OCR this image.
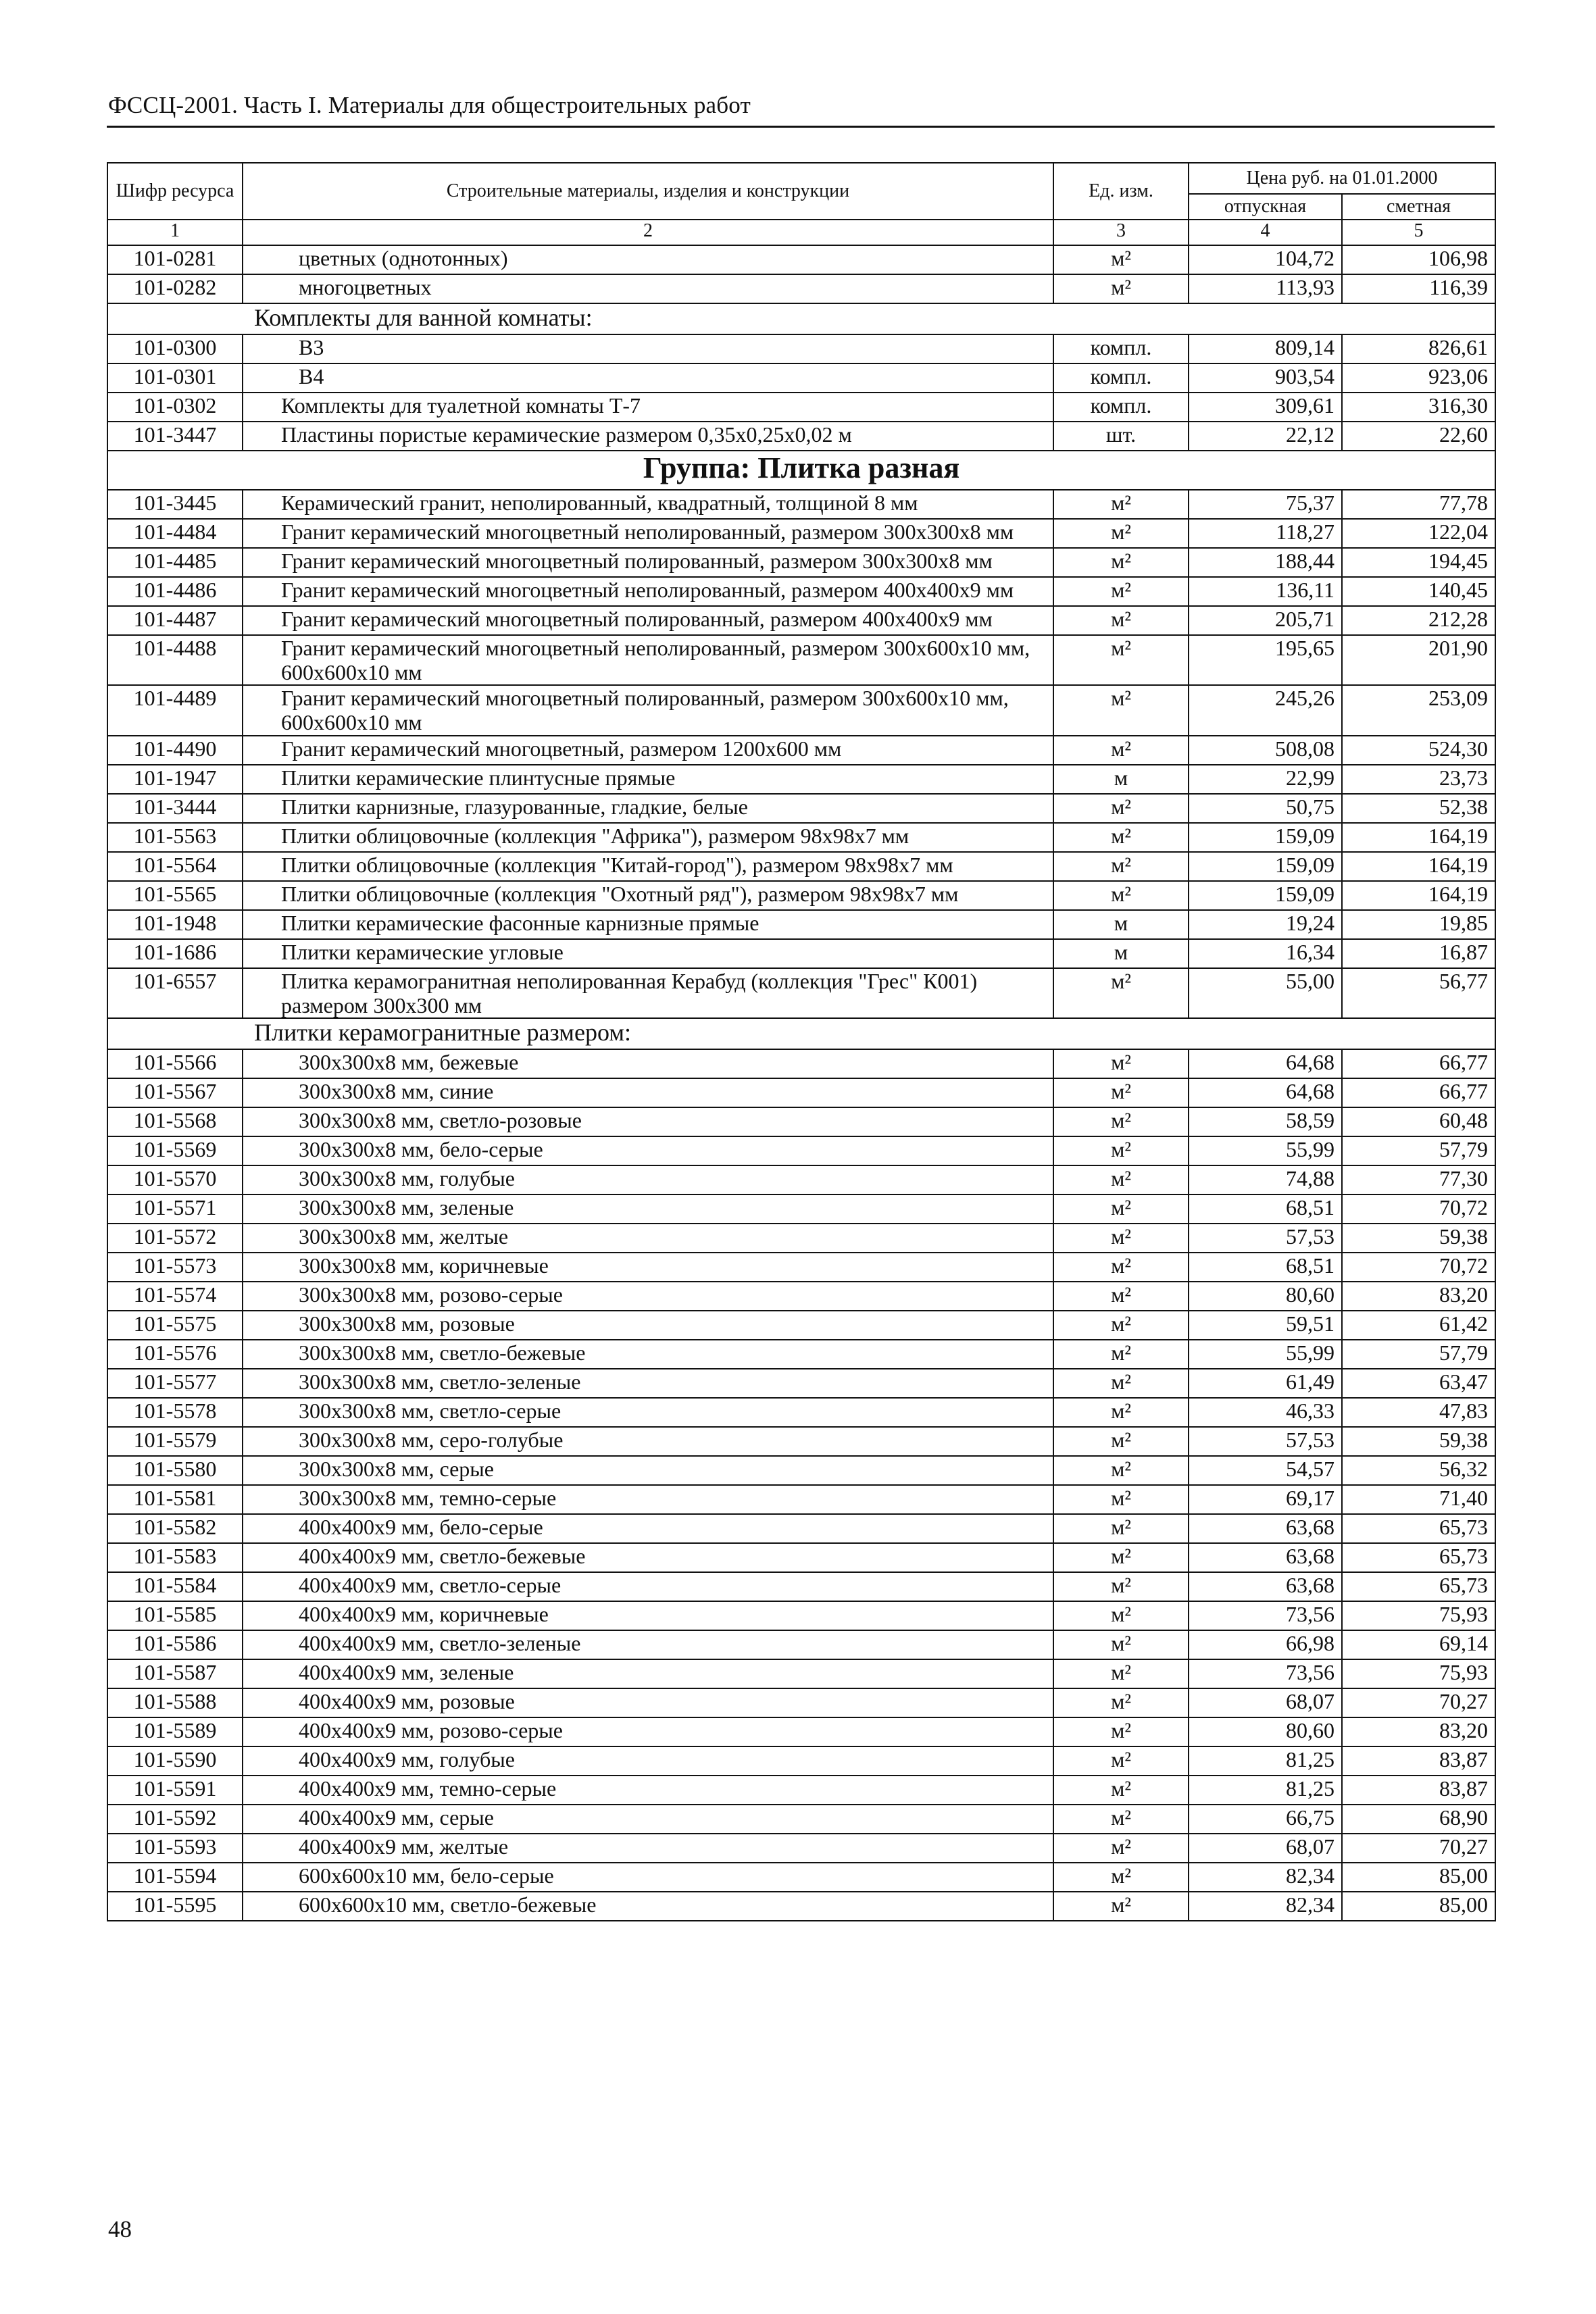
ФССЦ-2001. Часть I. Материалы для общестроительных работ
Шифр ресурса	Строительные материалы, изделия и конструкции	Ед. изм.	Цена руб. на 01.01.2000	
			отпускная	сметная
1	2	3	4	5
101-0281	цветных (однотонных)	м²	104,72	106,98
101-0282	многоцветных	м²	113,93	116,39
Комплекты для ванной комнаты:				
101-0300	В3	компл.	809,14	826,61
101-0301	В4	компл.	903,54	923,06
101-0302	Комплекты для туалетной комнаты Т-7	компл.	309,61	316,30
101-3447	Пластины пористые керамические размером 0,35х0,25х0,02 м	шт.	22,12	22,60
Группа: Плитка разная				
101-3445	Керамический гранит, неполированный, квадратный, толщиной 8 мм	м²	75,37	77,78
101-4484	Гранит керамический многоцветный неполированный, размером 300х300х8 мм	м²	118,27	122,04
101-4485	Гранит керамический многоцветный полированный, размером 300х300х8 мм	м²	188,44	194,45
101-4486	Гранит керамический многоцветный неполированный, размером 400х400х9 мм	м²	136,11	140,45
101-4487	Гранит керамический многоцветный полированный, размером 400х400х9 мм	м²	205,71	212,28
101-4488	Гранит керамический многоцветный неполированный, размером 300х600х10 мм, 600х600х10 мм	м²	195,65	201,90
101-4489	Гранит керамический многоцветный полированный, размером 300х600х10 мм, 600х600х10 мм	м²	245,26	253,09
101-4490	Гранит керамический многоцветный, размером 1200х600 мм	м²	508,08	524,30
101-1947	Плитки керамические плинтусные прямые	м	22,99	23,73
101-3444	Плитки карнизные, глазурованные, гладкие, белые	м²	50,75	52,38
101-5563	Плитки облицовочные (коллекция "Африка"), размером 98х98х7 мм	м²	159,09	164,19
101-5564	Плитки облицовочные (коллекция "Китай-город"), размером 98х98х7 мм	м²	159,09	164,19
101-5565	Плитки облицовочные (коллекция "Охотный ряд"), размером 98х98х7 мм	м²	159,09	164,19
101-1948	Плитки керамические фасонные карнизные прямые	м	19,24	19,85
101-1686	Плитки керамические угловые	м	16,34	16,87
101-6557	Плитка керамогранитная неполированная Керабуд (коллекция "Грес" К001) размером 300х300 мм	м²	55,00	56,77
Плитки керамогранитные размером:				
101-5566	300х300х8 мм, бежевые	м²	64,68	66,77
101-5567	300х300х8 мм, синие	м²	64,68	66,77
101-5568	300х300х8 мм, светло-розовые	м²	58,59	60,48
101-5569	300х300х8 мм, бело-серые	м²	55,99	57,79
101-5570	300х300х8 мм, голубые	м²	74,88	77,30
101-5571	300х300х8 мм, зеленые	м²	68,51	70,72
101-5572	300х300х8 мм, желтые	м²	57,53	59,38
101-5573	300х300х8 мм, коричневые	м²	68,51	70,72
101-5574	300х300х8 мм, розово-серые	м²	80,60	83,20
101-5575	300х300х8 мм, розовые	м²	59,51	61,42
101-5576	300х300х8 мм, светло-бежевые	м²	55,99	57,79
101-5577	300х300х8 мм, светло-зеленые	м²	61,49	63,47
101-5578	300х300х8 мм, светло-серые	м²	46,33	47,83
101-5579	300х300х8 мм, серо-голубые	м²	57,53	59,38
101-5580	300х300х8 мм, серые	м²	54,57	56,32
101-5581	300х300х8 мм, темно-серые	м²	69,17	71,40
101-5582	400х400х9 мм, бело-серые	м²	63,68	65,73
101-5583	400х400х9 мм, светло-бежевые	м²	63,68	65,73
101-5584	400х400х9 мм, светло-серые	м²	63,68	65,73
101-5585	400х400х9 мм, коричневые	м²	73,56	75,93
101-5586	400х400х9 мм, светло-зеленые	м²	66,98	69,14
101-5587	400х400х9 мм, зеленые	м²	73,56	75,93
101-5588	400х400х9 мм, розовые	м²	68,07	70,27
101-5589	400х400х9 мм, розово-серые	м²	80,60	83,20
101-5590	400х400х9 мм, голубые	м²	81,25	83,87
101-5591	400х400х9 мм, темно-серые	м²	81,25	83,87
101-5592	400х400х9 мм, серые	м²	66,75	68,90
101-5593	400х400х9 мм, желтые	м²	68,07	70,27
101-5594	600х600х10 мм, бело-серые	м²	82,34	85,00
101-5595	600х600х10 мм, светло-бежевые	м²	82,34	85,00
48
